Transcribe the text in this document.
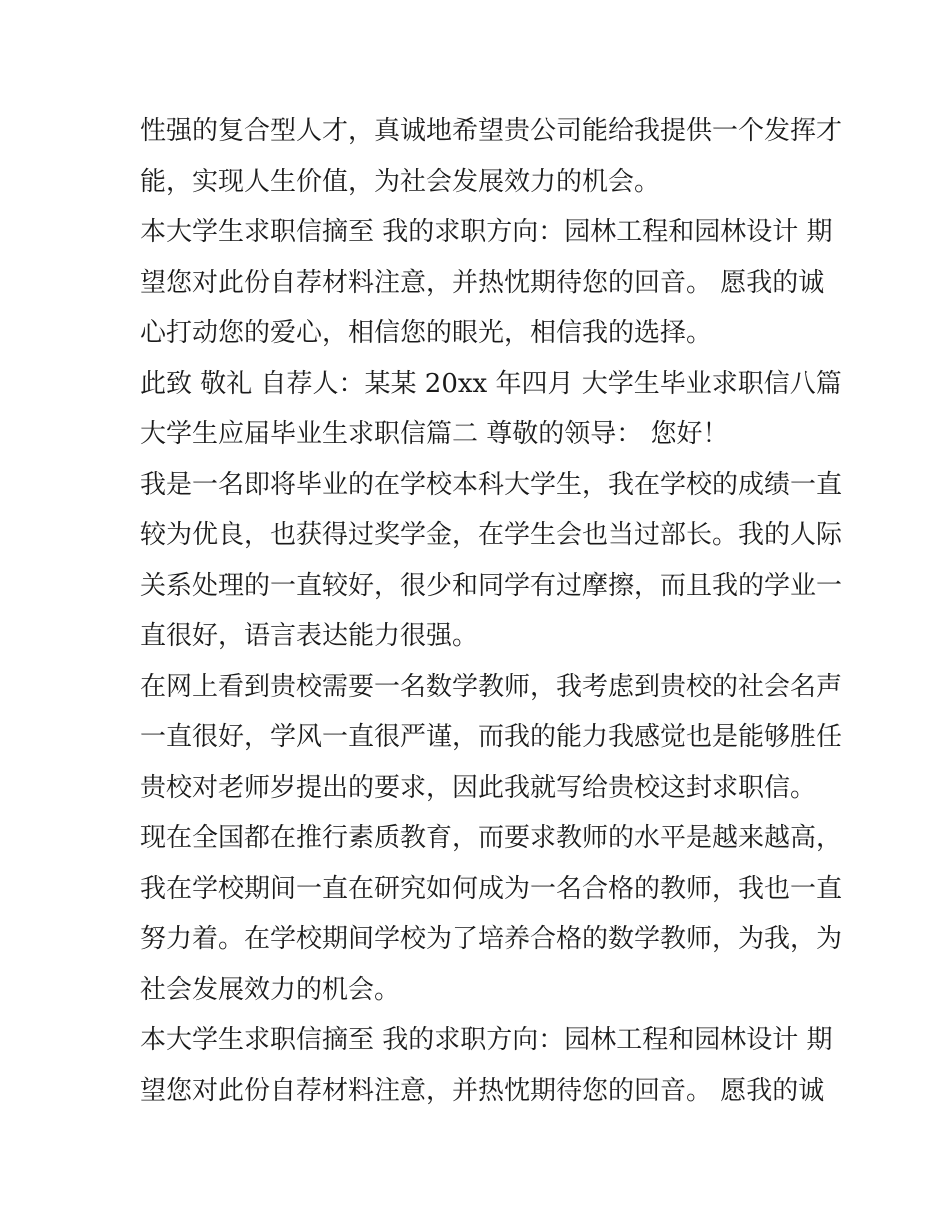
性强的复合型人才，真诚地希望贵公司能给我提供一个发挥才
能，实现人生价值，为社会发展效力的机会。
本大学生求职信摘至 我的求职方向：园林工程和园林设计 期
望您对此份自荐材料注意，并热忱期待您的回音。 愿我的诚
心打动您的爱心，相信您的眼光，相信我的选择。
此致 敬礼 自荐人：某某 20xx 年四月 大学生毕业求职信八篇
大学生应届毕业生求职信篇二 尊敬的领导： 您好！
我是一名即将毕业的在学校本科大学生，我在学校的成绩一直
较为优良，也获得过奖学金，在学生会也当过部长。我的人际
关系处理的一直较好，很少和同学有过摩擦，而且我的学业一
直很好，语言表达能力很强。
在网上看到贵校需要一名数学教师，我考虑到贵校的社会名声
一直很好，学风一直很严谨，而我的能力我感觉也是能够胜任
贵校对老师岁提出的要求，因此我就写给贵校这封求职信。
现在全国都在推行素质教育，而要求教师的水平是越来越高，
我在学校期间一直在研究如何成为一名合格的教师，我也一直
努力着。在学校期间学校为了培养合格的数学教师，为我，为
社会发展效力的机会。
本大学生求职信摘至 我的求职方向：园林工程和园林设计 期
望您对此份自荐材料注意，并热忱期待您的回音。 愿我的诚
